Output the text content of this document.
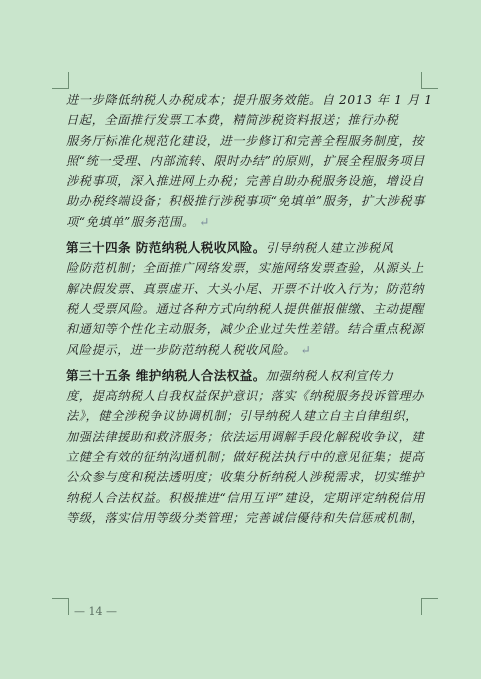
进一步降低纳税人办税成本；提升服务效能。自 2013 年 1 月 1
日起，全面推行发票工本费，精简涉税资料报送；推行办税
服务厅标准化规范化建设，进一步修订和完善全程服务制度，按
照“统一受理、内部流转、限时办结”的原则，扩展全程服务项目
涉税事项，深入推进网上办税；完善自助办税服务设施，增设自
助办税终端设备；积极推行涉税事项“免填单”服务，扩大涉税事
项“免填单”服务范围。 ↵
第三十四条 防范纳税人税收风险。引导纳税人建立涉税风
险防范机制；全面推广网络发票，实施网络发票查验，从源头上
解决假发票、真票虚开、大头小尾、开票不计收入行为；防范纳
税人受票风险。通过各种方式向纳税人提供催报催缴、主动提醒
和通知等个性化主动服务，减少企业过失性差错。结合重点税源
风险提示，进一步防范纳税人税收风险。 ↵
第三十五条 维护纳税人合法权益。加强纳税人权利宣传力
度，提高纳税人自我权益保护意识；落实《纳税服务投诉管理办
法》，健全涉税争议协调机制；引导纳税人建立自主自律组织，
加强法律援助和救济服务；依法运用调解手段化解税收争议，建
立健全有效的征纳沟通机制；做好税法执行中的意见征集；提高
公众参与度和税法透明度；收集分析纳税人涉税需求，切实维护
纳税人合法权益。积极推进“信用互评”建设，定期评定纳税信用
等级，落实信用等级分类管理；完善诚信優待和失信惩戒机制，
— 14 —
